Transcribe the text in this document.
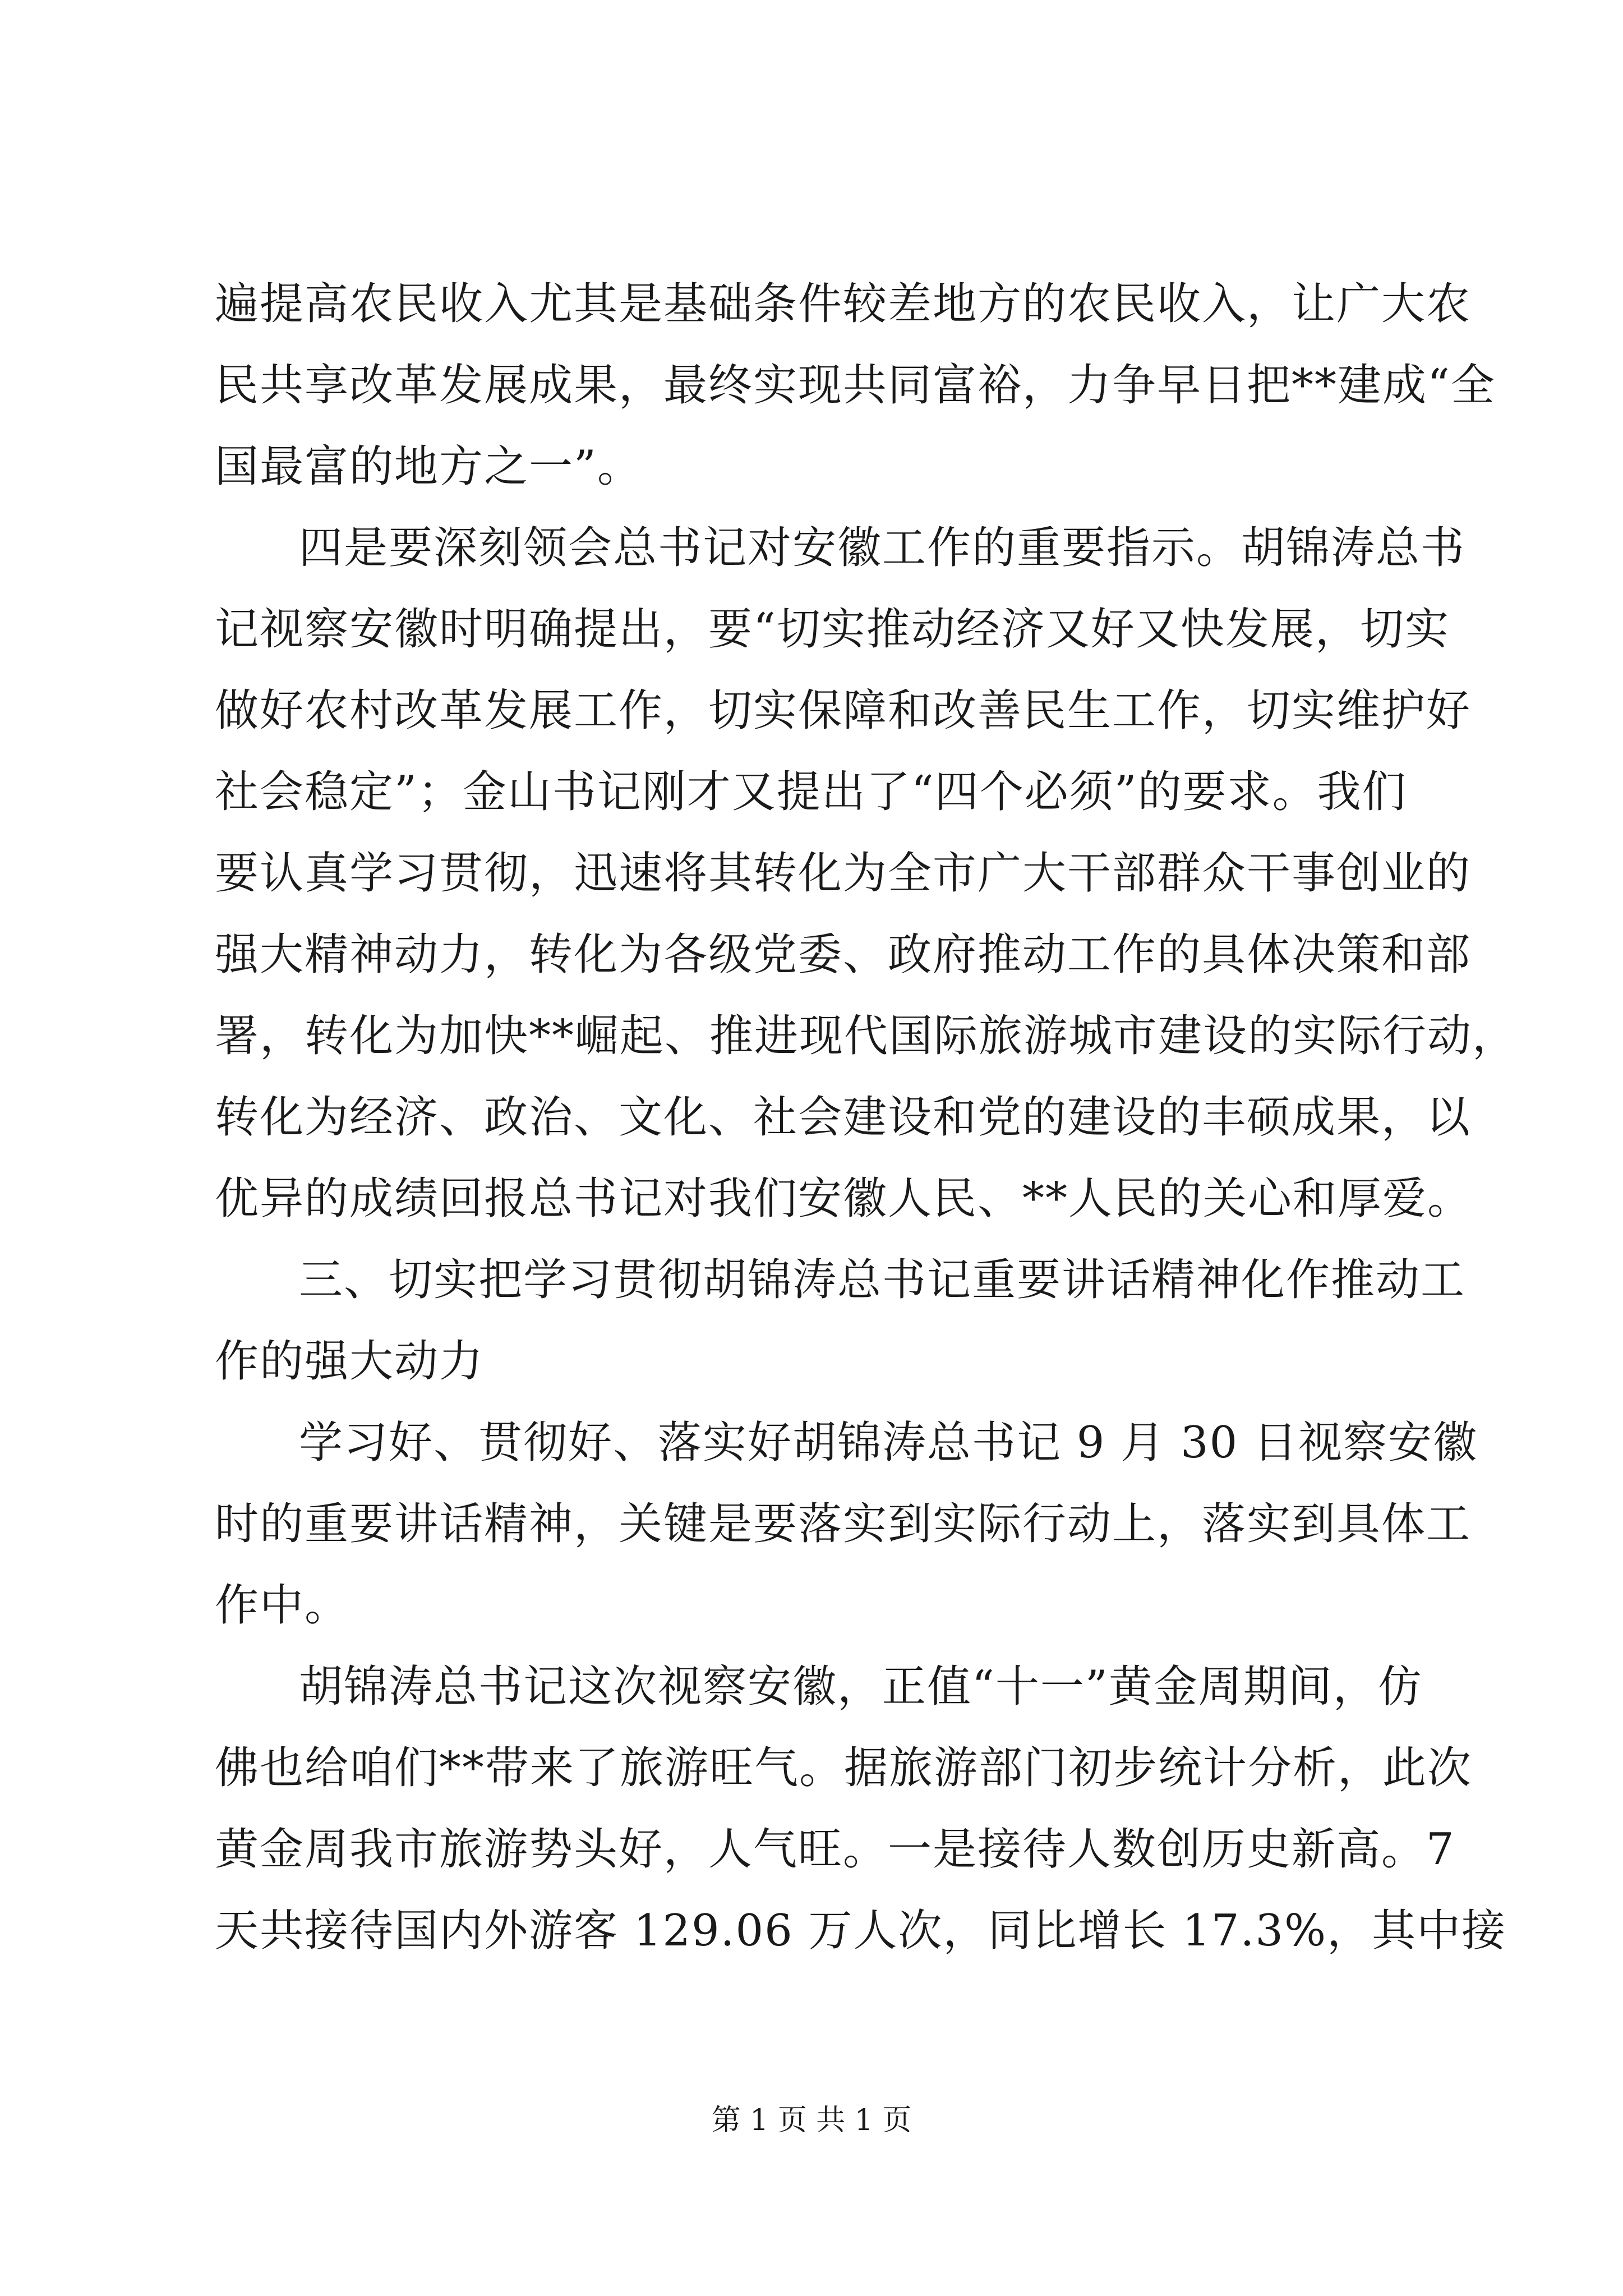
遍提高农民收入尤其是基础条件较差地方的农民收入，让广大农
民共享改革发展成果，最终实现共同富裕，力争早日把**建成“全
国最富的地方之一”。
四是要深刻领会总书记对安徽工作的重要指示。胡锦涛总书
记视察安徽时明确提出，要“切实推动经济又好又快发展，切实
做好农村改革发展工作，切实保障和改善民生工作，切实维护好
社会稳定”；金山书记刚才又提出了“四个必须”的要求。我们
要认真学习贯彻，迅速将其转化为全市广大干部群众干事创业的
强大精神动力，转化为各级党委、政府推动工作的具体决策和部
署，转化为加快**崛起、推进现代国际旅游城市建设的实际行动，
转化为经济、政治、文化、社会建设和党的建设的丰硕成果，以
优异的成绩回报总书记对我们安徽人民、**人民的关心和厚爱。
三、切实把学习贯彻胡锦涛总书记重要讲话精神化作推动工
作的强大动力
学习好、贯彻好、落实好胡锦涛总书记 9 月 30 日视察安徽
时的重要讲话精神，关键是要落实到实际行动上，落实到具体工
作中。
胡锦涛总书记这次视察安徽，正值“十一”黄金周期间，仿
佛也给咱们**带来了旅游旺气。据旅游部门初步统计分析，此次
黄金周我市旅游势头好，人气旺。一是接待人数创历史新高。7
天共接待国内外游客 129.06 万人次，同比增长 17.3%，其中接
第 1 页 共 1 页
